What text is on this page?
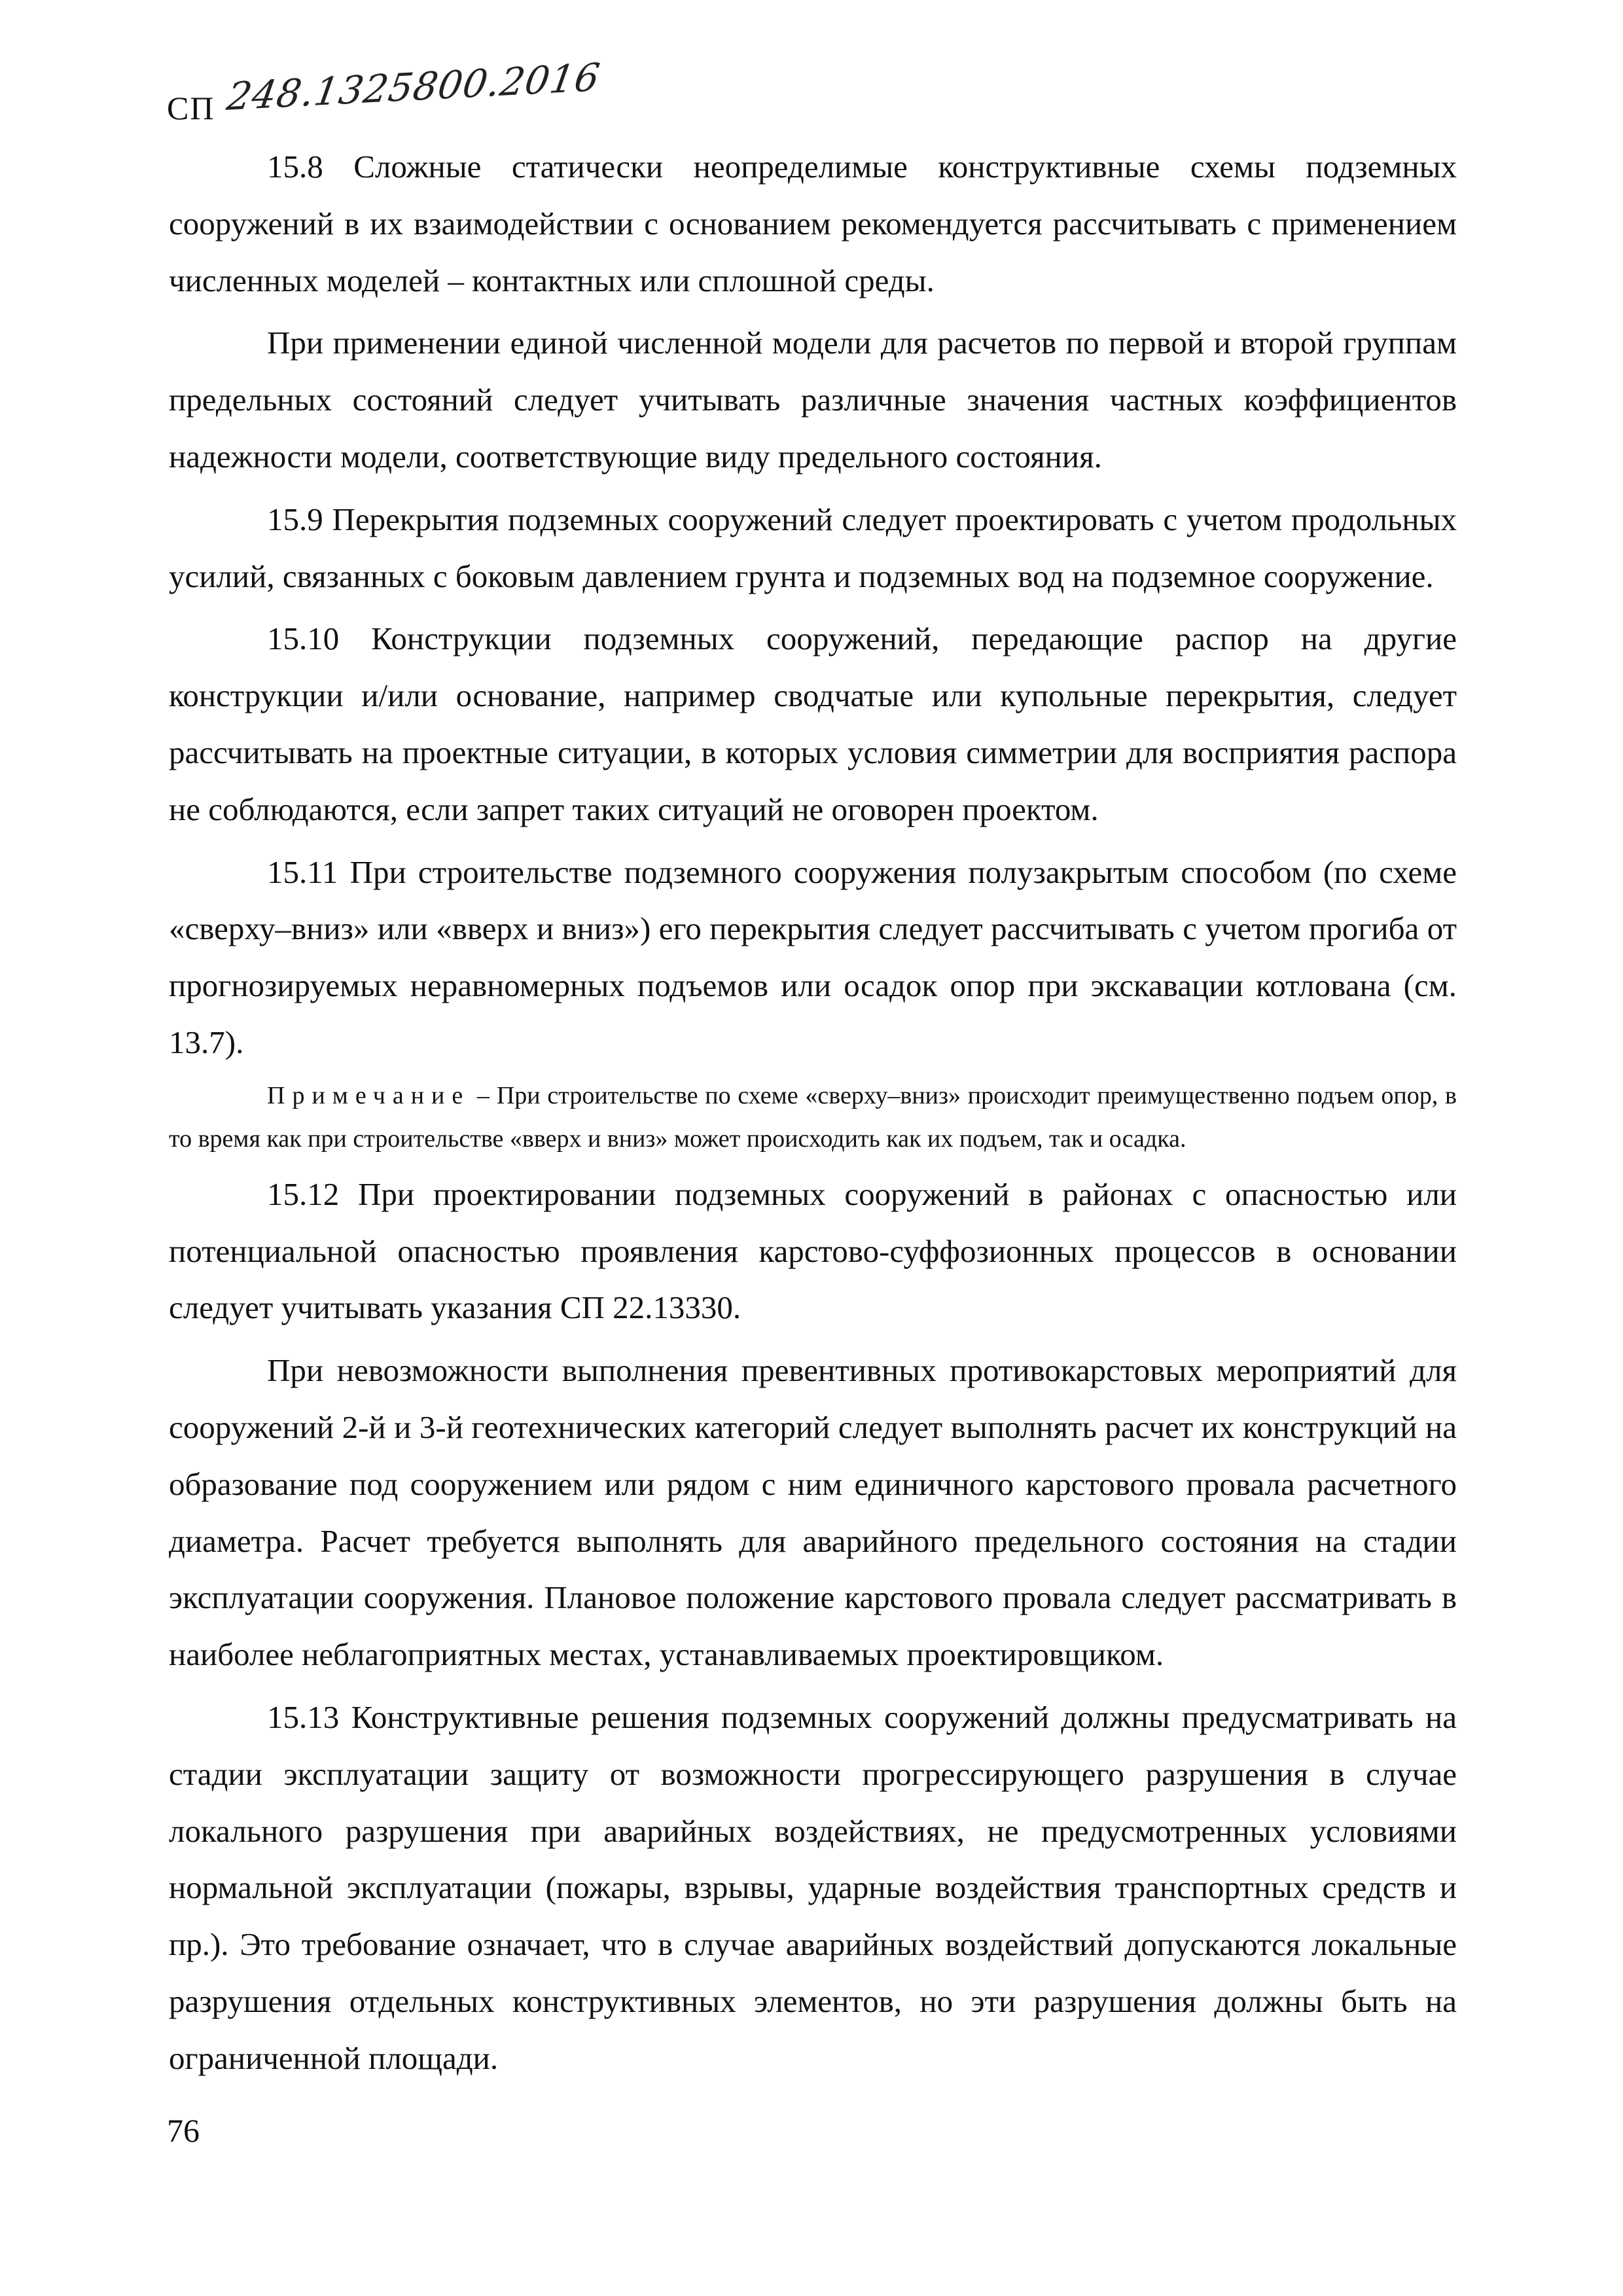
СП 248.1325800.2016

15.8 Сложные статически неопределимые конструктивные схемы подземных сооружений в их взаимодействии с основанием рекомендуется рассчитывать с применением численных моделей – контактных или сплошной среды.

При применении единой численной модели для расчетов по первой и второй группам предельных состояний следует учитывать различные значения частных коэффициентов надежности модели, соответствующие виду предельного состояния.

15.9 Перекрытия подземных сооружений следует проектировать с учетом продольных усилий, связанных с боковым давлением грунта и подземных вод на подземное сооружение.

15.10 Конструкции подземных сооружений, передающие распор на другие конструкции и/или основание, например сводчатые или купольные перекрытия, следует рассчитывать на проектные ситуации, в которых условия симметрии для восприятия распора не соблюдаются, если запрет таких ситуаций не оговорен проектом.

15.11 При строительстве подземного сооружения полузакрытым способом (по схеме «сверху–вниз» или «вверх и вниз») его перекрытия следует рассчитывать с учетом прогиба от прогнозируемых неравномерных подъемов или осадок опор при экскавации котлована (см. 13.7).

Примечание – При строительстве по схеме «сверху–вниз» происходит преимущественно подъем опор, в то время как при строительстве «вверх и вниз» может происходить как их подъем, так и осадка.

15.12 При проектировании подземных сооружений в районах с опасностью или потенциальной опасностью проявления карстово-суффозионных процессов в основании следует учитывать указания СП 22.13330.

При невозможности выполнения превентивных противокарстовых мероприятий для сооружений 2-й и 3-й геотехнических категорий следует выполнять расчет их конструкций на образование под сооружением или рядом с ним единичного карстового провала расчетного диаметра. Расчет требуется выполнять для аварийного предельного состояния на стадии эксплуатации сооружения. Плановое положение карстового провала следует рассматривать в наиболее неблагоприятных местах, устанавливаемых проектировщиком.

15.13 Конструктивные решения подземных сооружений должны предусматривать на стадии эксплуатации защиту от возможности прогрессирующего разрушения в случае локального разрушения при аварийных воздействиях, не предусмотренных условиями нормальной эксплуатации (пожары, взрывы, ударные воздействия транспортных средств и пр.). Это требование означает, что в случае аварийных воздействий допускаются локальные разрушения отдельных конструктивных элементов, но эти разрушения должны быть на ограниченной площади.

76
